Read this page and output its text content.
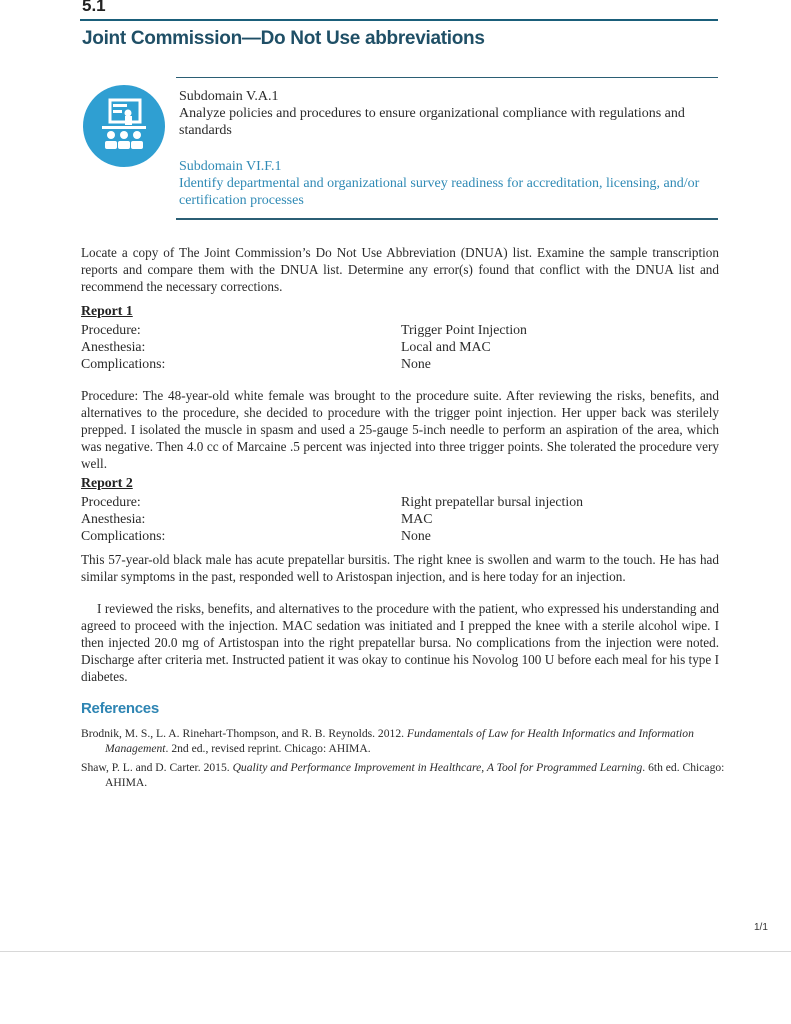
5.1
Joint Commission—Do Not Use abbreviations
Subdomain V.A.1
Analyze policies and procedures to ensure organizational compliance with regulations and standards
Subdomain VI.F.1
Identify departmental and organizational survey readiness for accreditation, licensing, and/or certification processes
Locate a copy of The Joint Commission’s Do Not Use Abbreviation (DNUA) list. Examine the sample transcription reports and compare them with the DNUA list. Determine any error(s) found that conflict with the DNUA list and recommend the necessary corrections.
Report 1
Procedure:	Trigger Point Injection
Anesthesia:	Local and MAC
Complications:	None
Procedure: The 48-year-old white female was brought to the procedure suite. After reviewing the risks, benefits, and alternatives to the procedure, she decided to procedure with the trigger point injection. Her upper back was sterilely prepped. I isolated the muscle in spasm and used a 25-gauge 5-inch needle to perform an aspiration of the area, which was negative. Then 4.0 cc of Marcaine .5 percent was injected into three trigger points. She tolerated the procedure very well.
Report 2
Procedure:	Right prepatellar bursal injection
Anesthesia:	MAC
Complications:	None
This 57-year-old black male has acute prepatellar bursitis. The right knee is swollen and warm to the touch. He has had similar symptoms in the past, responded well to Aristospan injection, and is here today for an injection.
I reviewed the risks, benefits, and alternatives to the procedure with the patient, who expressed his understanding and agreed to proceed with the injection. MAC sedation was initiated and I prepped the knee with a sterile alcohol wipe. I then injected 20.0 mg of Artistospan into the right prepatellar bursa. No complications from the injection were noted. Discharge after criteria met. Instructed patient it was okay to continue his Novolog 100 U before each meal for his type I diabetes.
References
Brodnik, M. S., L. A. Rinehart-Thompson, and R. B. Reynolds. 2012. Fundamentals of Law for Health Informatics and Information Management. 2nd ed., revised reprint. Chicago: AHIMA.
Shaw, P. L. and D. Carter. 2015. Quality and Performance Improvement in Healthcare, A Tool for Programmed Learning. 6th ed. Chicago: AHIMA.
1/1
